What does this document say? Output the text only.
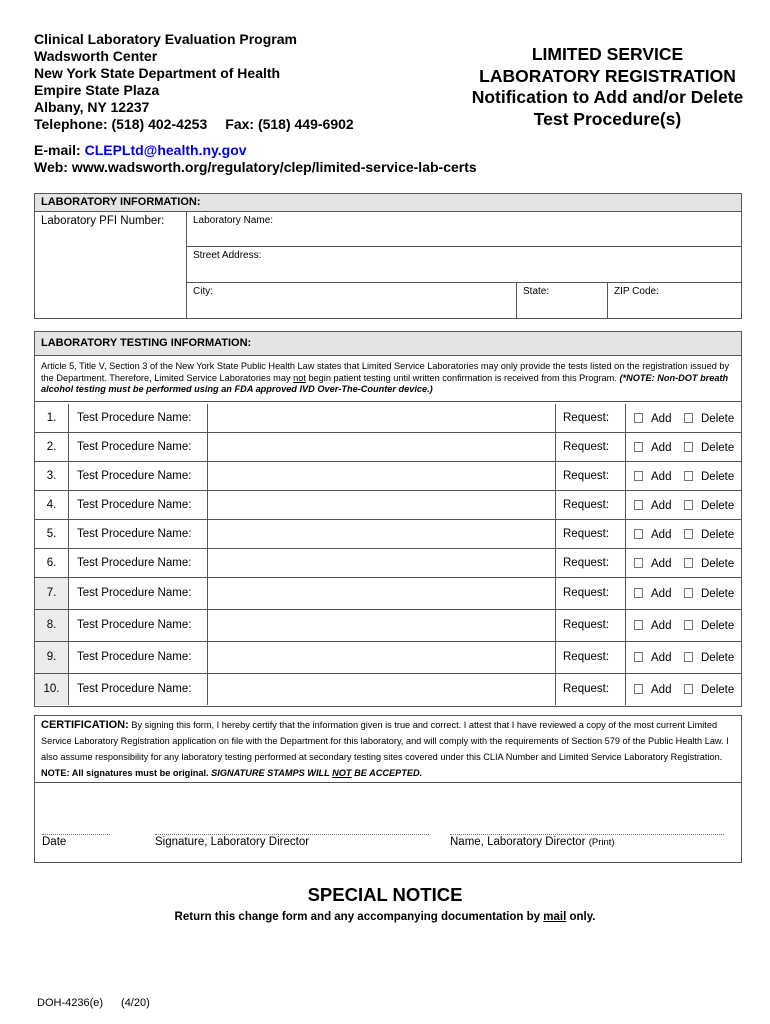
Clinical Laboratory Evaluation Program
Wadsworth Center
New York State Department of Health
Empire State Plaza
Albany, NY 12237
Telephone: (518) 402-4253 Fax: (518) 449-6902
LIMITED SERVICE
LABORATORY REGISTRATION
Notification to Add and/or Delete
Test Procedure(s)
E-mail: CLEPLtd@health.ny.gov
Web: www.wadsworth.org/regulatory/clep/limited-service-lab-certs
LABORATORY INFORMATION:
Laboratory PFI Number:	Laboratory Name:
Street Address:
City:	State:	ZIP Code:
LABORATORY TESTING INFORMATION:
Article 5, Title V, Section 3 of the New York State Public Health Law states that Limited Service Laboratories may only provide the tests listed on the registration issued by the Department. Therefore, Limited Service Laboratories may not begin patient testing until written confirmation is received from this Program. (*NOTE: Non-DOT breath alcohol testing must be performed using an FDA approved IVD Over-The-Counter device.)
1.	Test Procedure Name:	Request:	Add	Delete
2.	Test Procedure Name:	Request:	Add	Delete
3.	Test Procedure Name:	Request:	Add	Delete
4.	Test Procedure Name:	Request:	Add	Delete
5.	Test Procedure Name:	Request:	Add	Delete
6.	Test Procedure Name:	Request:	Add	Delete
7.	Test Procedure Name:	Request:	Add	Delete
8.	Test Procedure Name:	Request:	Add	Delete
9.	Test Procedure Name:	Request:	Add	Delete
10.	Test Procedure Name:	Request:	Add	Delete
CERTIFICATION: By signing this form, I hereby certify that the information given is true and correct. I attest that I have reviewed a copy of the most current Limited Service Laboratory Registration application on file with the Department for this laboratory, and will comply with the requirements of Section 579 of the Public Health Law. I also assume responsibility for any laboratory testing performed at secondary testing sites covered under this CLIA Number and Limited Service Laboratory Registration. NOTE: All signatures must be original. SIGNATURE STAMPS WILL NOT BE ACCEPTED.
Date	Signature, Laboratory Director	Name, Laboratory Director (Print)
SPECIAL NOTICE
Return this change form and any accompanying documentation by mail only.
DOH-4236(e) (4/20)
